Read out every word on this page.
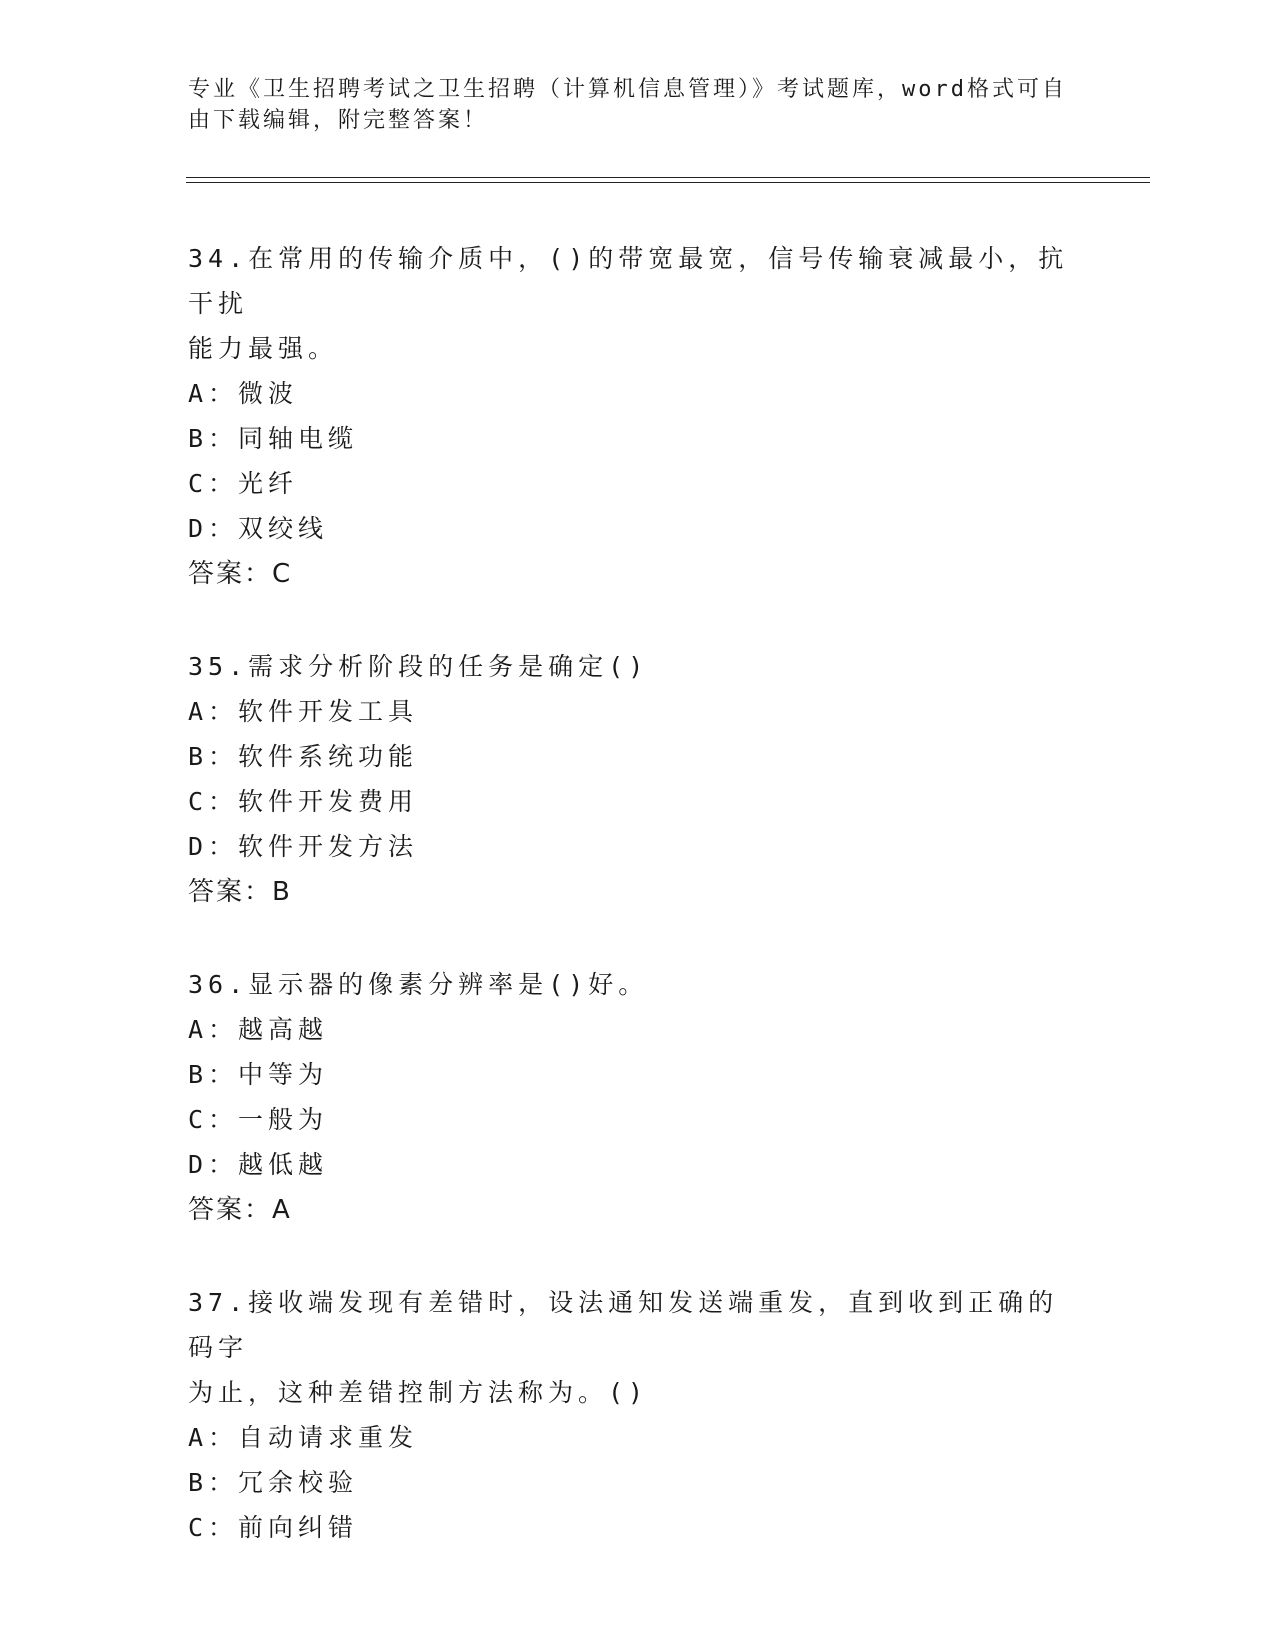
专业《卫生招聘考试之卫生招聘（计算机信息管理）》考试题库，word格式可自
由下载编辑，附完整答案！
34.在常用的传输介质中，()的带宽最宽，信号传输衰减最小，抗干扰
能力最强。
A：微波
B：同轴电缆
C：光纤
D：双绞线
答案：C
35.需求分析阶段的任务是确定()
A：软件开发工具
B：软件系统功能
C：软件开发费用
D：软件开发方法
答案：B
36.显示器的像素分辨率是()好。
A：越高越
B：中等为
C：一般为
D：越低越
答案：A
37.接收端发现有差错时，设法通知发送端重发，直到收到正确的码字
为止，这种差错控制方法称为。()
A：自动请求重发
B：冗余校验
C：前向纠错
